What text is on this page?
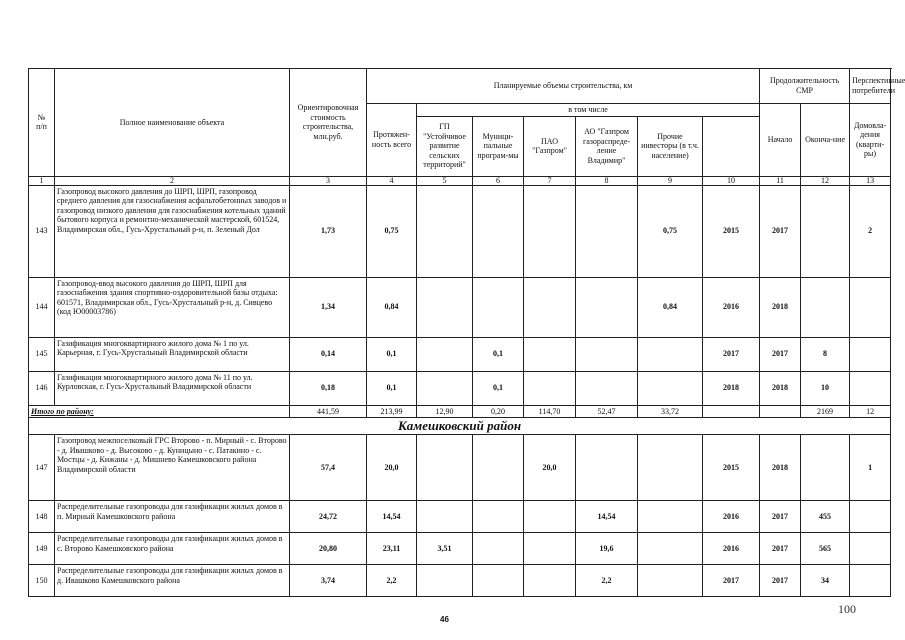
№
п/п	Полное наименование объекта	Ориентировочная стоимость строительства, млн.руб.	Планируемые объемы строительства, км							Продолжительность СМР		Перспективные потребители	
			Протяжен-ность всего	в том числе						Начало	Оконча-ние	Домовла-дения (кварти-ры)	
				ГП "Устойчивое развитие сельских территорий"	Муници-пальные програм-мы	ПАО "Газпром"	АО "Газпром газораспреде-ление Владимир"	Прочие инвесторы (в т.ч. население)					
1	2	3	4	5	6	7	8	9	10	11	12	13	
143	Газопровод высокого давления до ШРП, ШРП, газопровод среднего давления для газоснабжения асфальтобетонных заводов и газопровод низкого давления для газоснабжения котельных зданий бытового корпуса и ремонтно-механической мастерской, 601524, Владимирская обл., Гусь-Хрустальный р-н, п. Зеленый Дол	1,73	0,75					0,75	2015	2017		2	
144	Газопровод-ввод высокого давления до ШРП, ШРП для газоснабжения здания спортивно-оздоровительной базы отдыха: 601571, Владимирская обл., Гусь-Хрустальный р-н, д. Сивцево (код Ю00003786)	1,34	0,84					0,84	2016	2018			
145	Газификация многоквартирного жилого дома № 1 по ул. Карьерная, г. Гусь-Хрустальный Владимирской области	0,14	0,1		0,1				2017	2017	8		
146	Газификация многоквартирного жилого дома № 11 по ул. Курловская, г. Гусь-Хрустальный Владимирской области	0,18	0,1		0,1				2018	2018	10		
Итого по району:		441,59	213,99	12,90	0,20	114,70	52,47	33,72			2169	12	
Камешковский район													
147	Газопровод межпоселковый ГРС Второво - п. Мирный - с. Второво - д. Ивашково - д. Высоково - д. Куницыно - с. Патакино - с. Мостцы - д. Кижаны - д. Мишнево Камешковского района Владимирской области	57,4	20,0			20,0			2015	2018		1	
148	Распределительные газопроводы для газификации жилых домов в п. Мирный Камешковского района	24,72	14,54				14,54		2016	2017	455		
149	Распределительные газопроводы для газификации жилых домов в с. Второво Камешковского района	20,80	23,11	3,51			19,6		2016	2017	565		
150	Распределительные газопроводы для газификации жилых домов в д. Ивашково Камешковского района	3,74	2,2				2,2		2017	2017	34		
46
100
